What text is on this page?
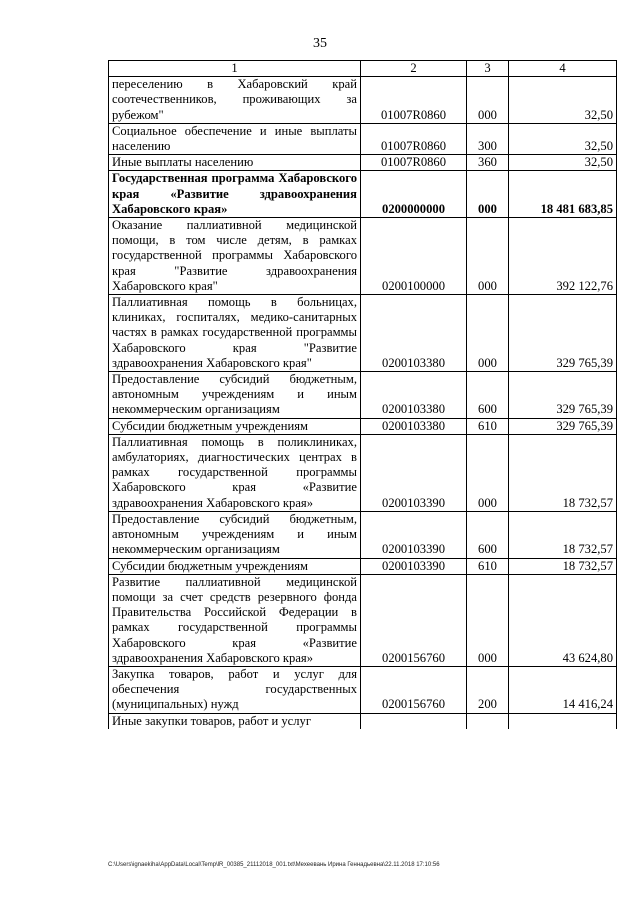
35
1	2	3	4
переселению в Хабаровский край соотечественников, проживающих за рубежом"	01007R0860	000	32,50
Социальное обеспечение и иные выплаты населению	01007R0860	300	32,50
Иные выплаты населению	01007R0860	360	32,50
Государственная программа Хабаровского края «Развитие здравоохранения Хабаровского края»	0200000000	000	18 481 683,85
Оказание паллиативной медицинской помощи, в том числе детям, в рамках государственной программы Хабаровского края "Развитие здравоохранения Хабаровского края"	0200100000	000	392 122,76
Паллиативная помощь в больницах, клиниках, госпиталях, медико-санитарных частях в рамках государственной программы Хабаровского края "Развитие здравоохранения Хабаровского края"	0200103380	000	329 765,39
Предоставление субсидий бюджетным, автономным учреждениям и иным некоммерческим организациям	0200103380	600	329 765,39
Субсидии бюджетным учреждениям	0200103380	610	329 765,39
Паллиативная помощь в поликлиниках, амбулаториях, диагностических центрах в рамках государственной программы Хабаровского края «Развитие здравоохранения Хабаровского края»	0200103390	000	18 732,57
Предоставление субсидий бюджетным, автономным учреждениям и иным некоммерческим организациям	0200103390	600	18 732,57
Субсидии бюджетным учреждениям	0200103390	610	18 732,57
Развитие паллиативной медицинской помощи за счет средств резервного фонда Правительства Российской Федерации в рамках государственной программы Хабаровского края «Развитие здравоохранения Хабаровского края»	0200156760	000	43 624,80
Закупка товаров, работ и услуг для обеспечения государственных (муниципальных) нужд	0200156760	200	14 416,24
Иные закупки товаров, работ и услуг			
C:\Users\ignaekiha\AppData\Local\Temp\lR_00385_21112018_001.txt\Мехеевань Ирина Геннадьевна\22.11.2018 17:10:56
